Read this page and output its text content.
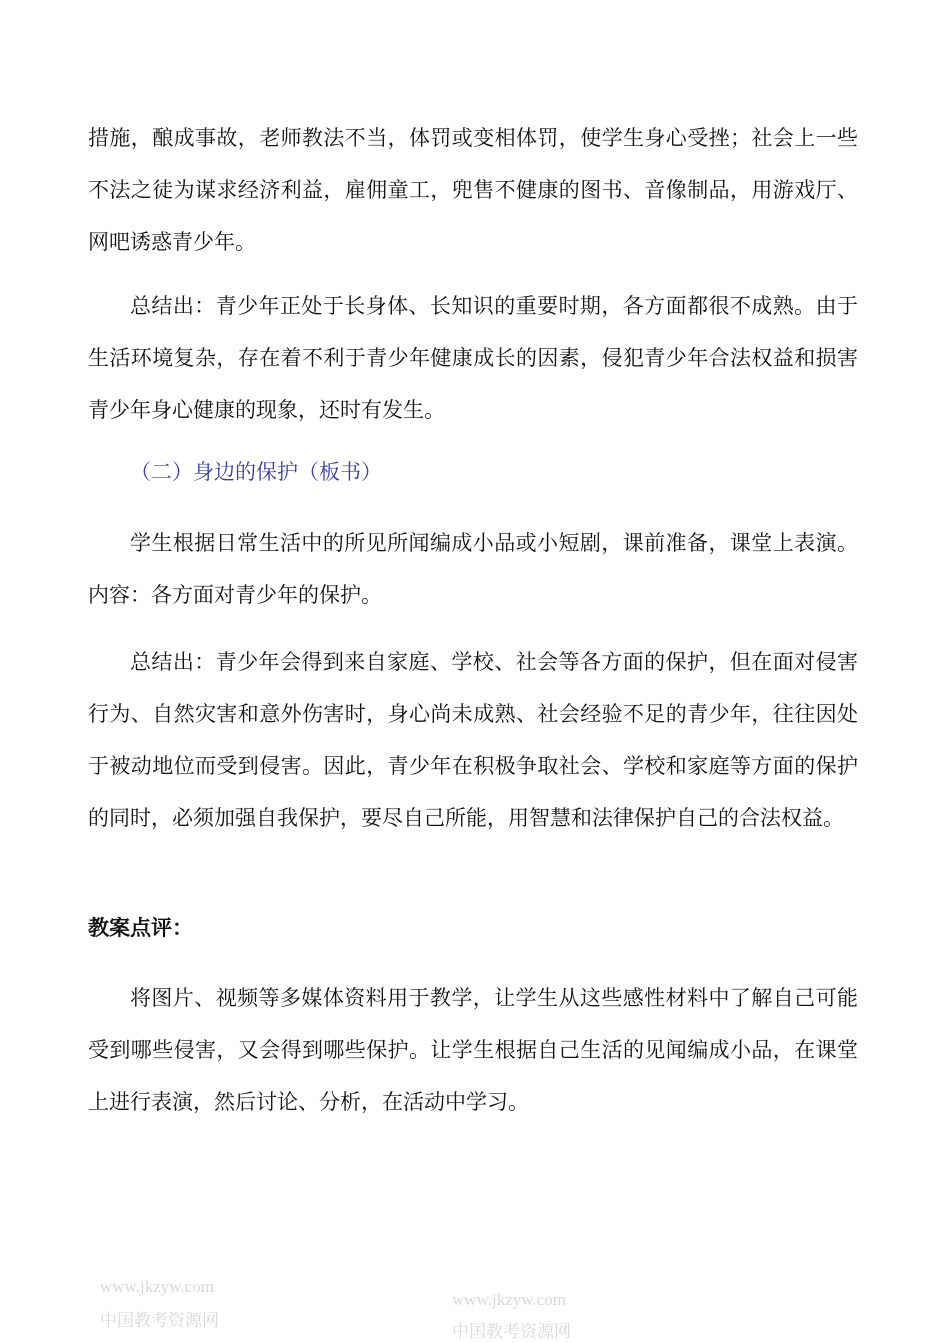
措施，酿成事故，老师教法不当，体罚或变相体罚，使学生身心受挫；社会上一些不法之徒为谋求经济利益，雇佣童工，兜售不健康的图书、音像制品，用游戏厅、网吧诱惑青少年。

总结出：青少年正处于长身体、长知识的重要时期，各方面都很不成熟。由于生活环境复杂，存在着不利于青少年健康成长的因素，侵犯青少年合法权益和损害青少年身心健康的现象，还时有发生。

（二）身边的保护（板书）

学生根据日常生活中的所见所闻编成小品或小短剧，课前准备，课堂上表演。内容：各方面对青少年的保护。

总结出：青少年会得到来自家庭、学校、社会等各方面的保护，但在面对侵害行为、自然灾害和意外伤害时，身心尚未成熟、社会经验不足的青少年，往往因处于被动地位而受到侵害。因此，青少年在积极争取社会、学校和家庭等方面的保护的同时，必须加强自我保护，要尽自己所能，用智慧和法律保护自己的合法权益。

教案点评：

将图片、视频等多媒体资料用于教学，让学生从这些感性材料中了解自己可能受到哪些侵害，又会得到哪些保护。让学生根据自己生活的见闻编成小品，在课堂上进行表演，然后讨论、分析，在活动中学习。

www.jkzyw.com
中国教考资源网
www.jkzyw.com
中国教考资源网
